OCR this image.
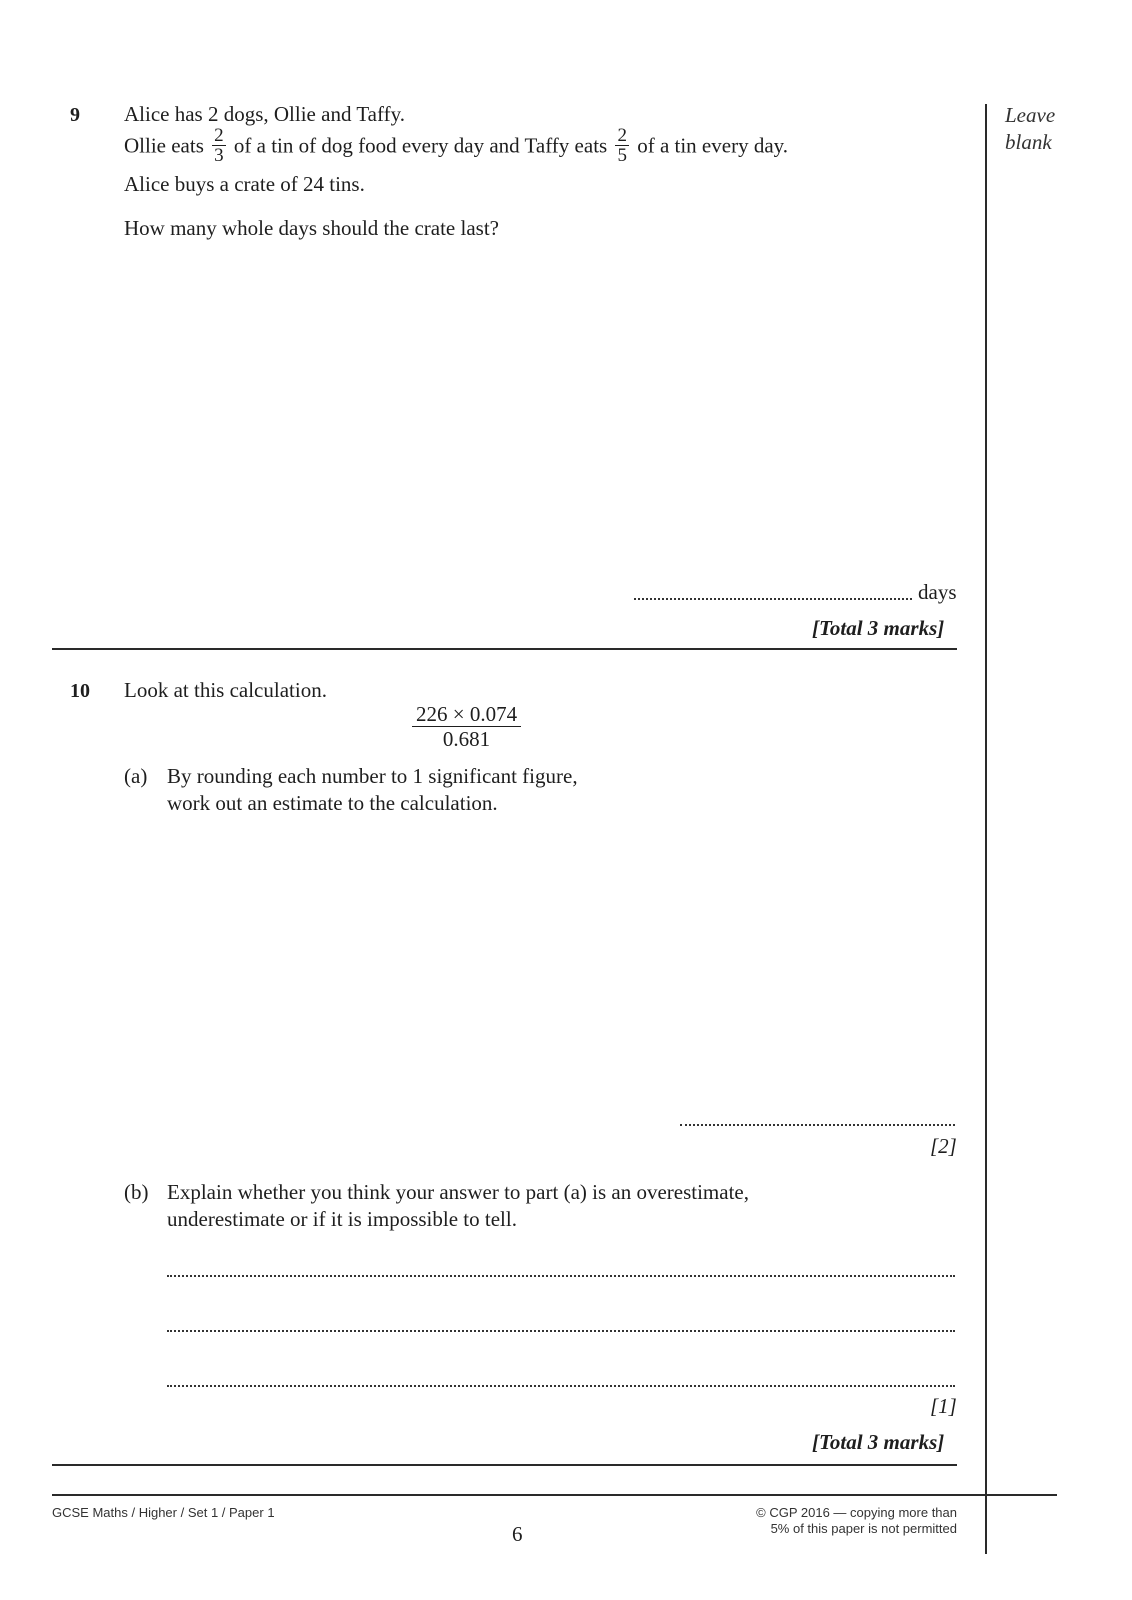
Leave
blank
9 Alice has 2 dogs, Ollie and Taffy.
Ollie eats $\frac{2}{3}$ of a tin of dog food every day and Taffy eats $\frac{2}{5}$ of a tin every day.
Alice buys a crate of 24 tins.
How many whole days should the crate last?
days
[Total 3 marks]
10 Look at this calculation.
$\frac{226 \times 0.074}{0.681}$
(a) By rounding each number to 1 significant figure,
work out an estimate to the calculation.
[2]
(b) Explain whether you think your answer to part (a) is an overestimate,
underestimate or if it is impossible to tell.
[1]
[Total 3 marks]
GCSE Maths / Higher / Set 1 / Paper 1
6
© CGP 2016 — copying more than
5% of this paper is not permitted
